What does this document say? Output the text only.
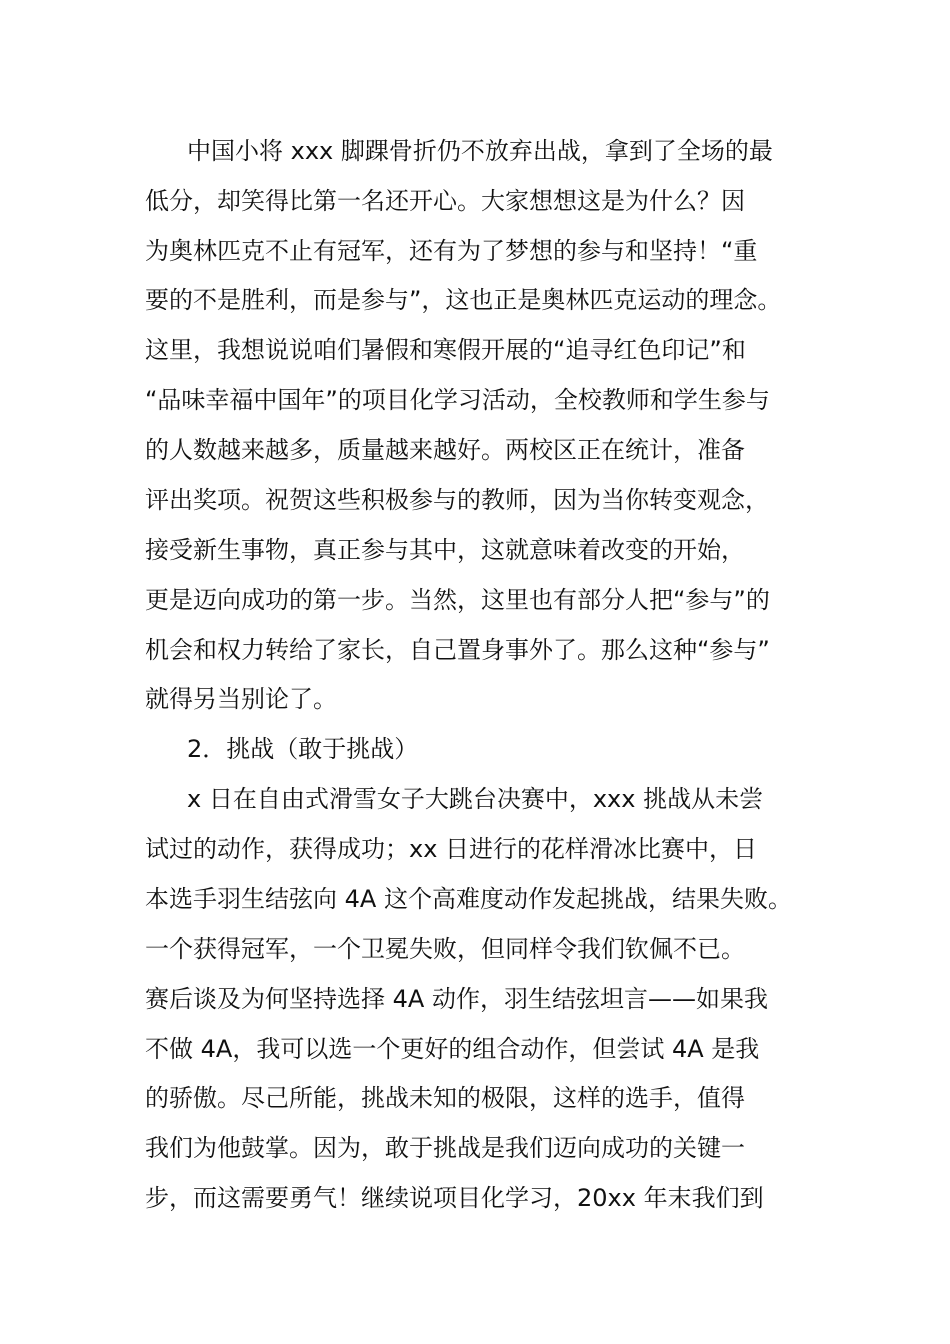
中国小将 xxx 脚踝骨折仍不放弃出战，拿到了全场的最
低分，却笑得比第一名还开心。大家想想这是为什么？因
为奥林匹克不止有冠军，还有为了梦想的参与和坚持！“重
要的不是胜利，而是参与”，这也正是奥林匹克运动的理念。
这里，我想说说咱们暑假和寒假开展的“追寻红色印记”和
“品味幸福中国年”的项目化学习活动，全校教师和学生参与
的人数越来越多，质量越来越好。两校区正在统计，准备
评出奖项。祝贺这些积极参与的教师，因为当你转变观念，
接受新生事物，真正参与其中，这就意味着改变的开始，
更是迈向成功的第一步。当然，这里也有部分人把“参与”的
机会和权力转给了家长，自己置身事外了。那么这种“参与”
就得另当别论了。
2．挑战（敢于挑战）
x 日在自由式滑雪女子大跳台决赛中，xxx 挑战从未尝
试过的动作，获得成功；xx 日进行的花样滑冰比赛中，日
本选手羽生结弦向 4A 这个高难度动作发起挑战，结果失败。
一个获得冠军，一个卫冕失败，但同样令我们钦佩不已。
赛后谈及为何坚持选择 4A 动作，羽生结弦坦言——如果我
不做 4A，我可以选一个更好的组合动作，但尝试 4A 是我
的骄傲。尽己所能，挑战未知的极限，这样的选手，值得
我们为他鼓掌。因为，敢于挑战是我们迈向成功的关键一
步，而这需要勇气！继续说项目化学习，20xx 年末我们到
